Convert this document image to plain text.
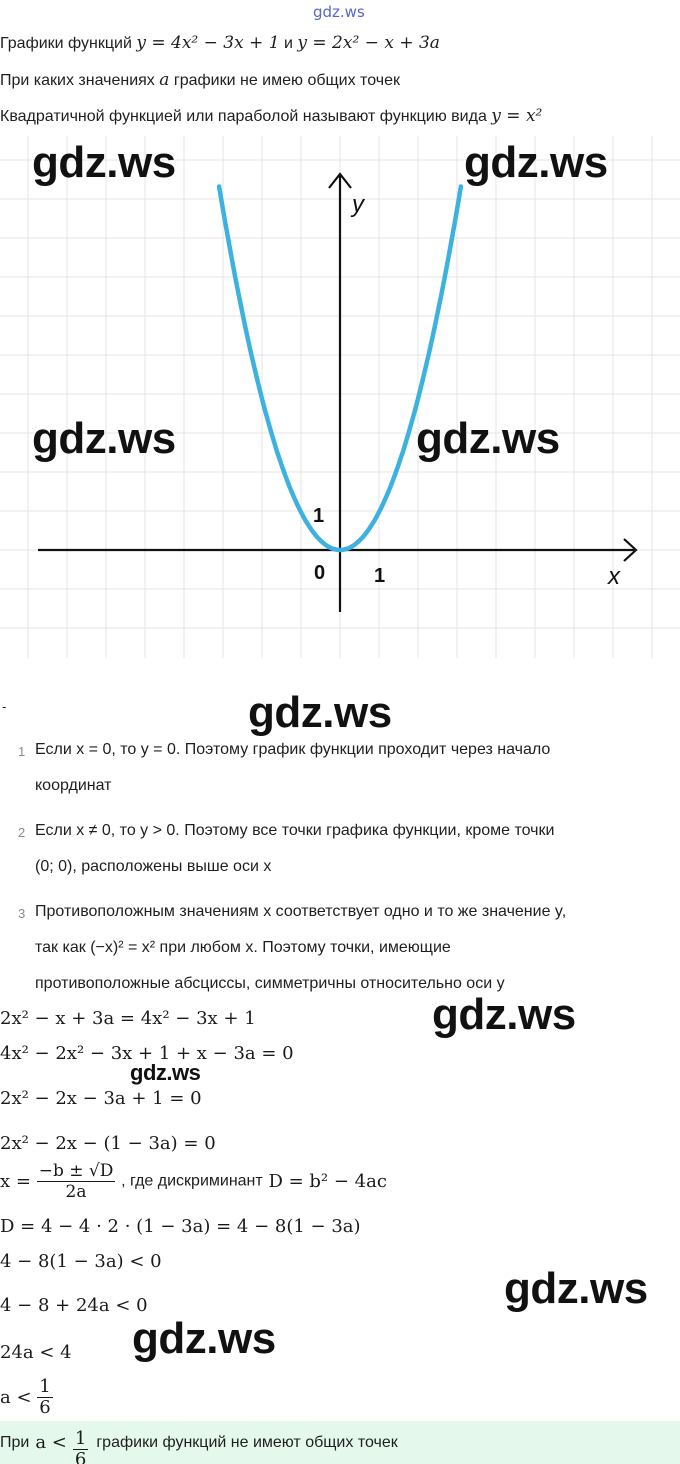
gdz.ws
Графики функций y = 4x² − 3x + 1 и y = 2x² − x + 3a
При каких значениях a графики не имею общих точек
Квадратичной функцией или параболой называют функцию вида y = x²
y
x
1
1
0
gdz.ws	gdz.ws
gdz.ws	gdz.ws
gdz.ws
gdz.ws
gdz.ws
gdz.ws
gdz.ws
-
1 Если x = 0, то y = 0. Поэтому график функции проходит через начало
координат
2 Если x ≠ 0, то y > 0. Поэтому все точки графика функции, кроме точки
(0; 0), расположены выше оси x
3 Противоположным значениям x соответствует одно и то же значение y,
так как (−x)² = x² при любом x. Поэтому точки, имеющие
противоположные абсциссы, симметричны относительно оси y
2x² − x + 3a = 4x² − 3x + 1
4x² − 2x² − 3x + 1 + x − 3a = 0
2x² − 2x − 3a + 1 = 0
2x² − 2x − (1 − 3a) = 0
$x = \frac{-b \pm √D}{2a}$ , где дискриминант D = b² − 4ac
D = 4 − 4 · 2 · (1 − 3a) = 4 − 8(1 − 3a)
4 − 8(1 − 3a) < 0
4 − 8 + 24a < 0
24a < 4
$a < \frac{1}{6}$
При $a < \frac{1}{6}$ графики функций не имеют общих точек
